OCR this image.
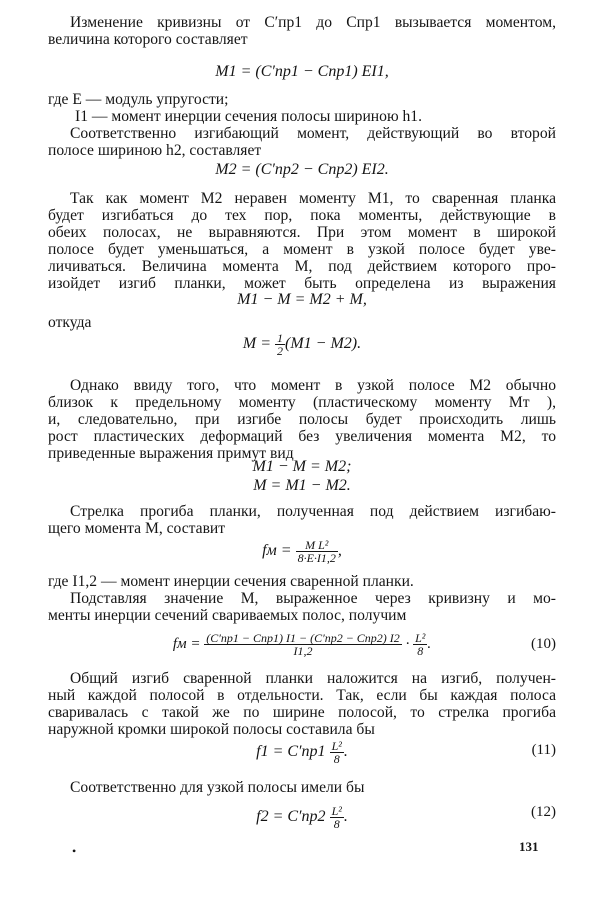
Изменение кривизны от C′пр1 до Cпр1 вызывается моментом,
величина которого составляет
M1 = (C′пр1 − Cпр1) EI1,
где E — модуль упругости;
I1 — момент инерции сечения полосы шириною h1.
Соответственно изгибающий момент, действующий во второй
полосе шириною h2, составляет
M2 = (C′пр2 − Cпр2) EI2.
Так как момент M2 неравен моменту M1, то сваренная планка
будет изгибаться до тех пор, пока моменты, действующие в
обеих полосах, не выравняются. При этом момент в широкой
полосе будет уменьшаться, а момент в узкой полосе будет уве-
личиваться. Величина момента M, под действием которого про-
изойдет изгиб планки, может быть определена из выражения
M1 − M = M2 + M,
откуда
$M = \frac{1}{2} (M1 - M2)$.
Однако ввиду того, что момент в узкой полосе M2 обычно
близок к предельному моменту (пластическому моменту Mт ),
и, следовательно, при изгибе полосы будет происходить лишь
рост пластических деформаций без увеличения момента M2, то
приведенные выражения примут вид
M1 − M = M2;
M = M1 − M2.
Стрелка прогиба планки, полученная под действием изгибаю-
щего момента M, составит
fм = $\frac{\text{M L²}}{8\cdot E\cdot I1,2}$ ,
где I1,2 — момент инерции сечения сваренной планки.
Подставляя значение M, выраженное через кривизну и мо-
менты инерции сечений свариваемых полос, получим
fм = $\frac{\text{(C′пр1 − Cпр1) I1 − (C′пр2 − Cпр2) I2}}{I1,2} \cdot \frac{\text{L²}}{8}$ .	(10)
Общий изгиб сваренной планки наложится на изгиб, получен-
ный каждой полосой в отдельности. Так, если бы каждая полоса
сваривалась с такой же по ширине полосой, то стрелка прогиба
наружной кромки широкой полосы составила бы
$f1 = C'пр1 \frac{\text{L²}}{8}$ .	(11)
Соответственно для узкой полосы имели бы
$f2 = C'пр2 \frac{\text{L²}}{8}$ .	(12)
•	131
